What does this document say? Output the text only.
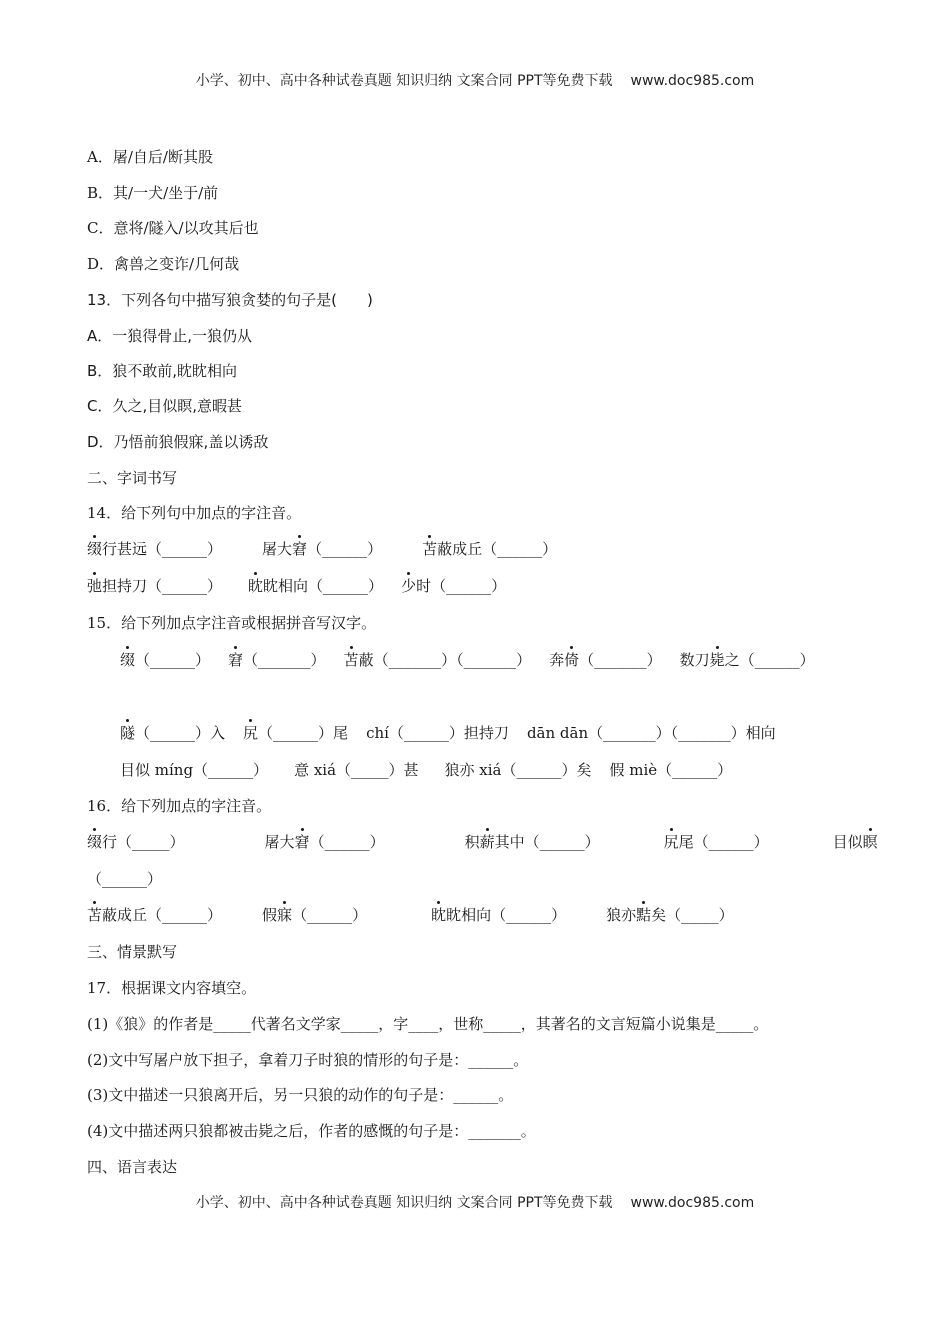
小学、初中、高中各种试卷真题 知识归纳 文案合同 PPT等免费下载 www.doc985.com
A．屠/自后/断其股
B．其/一犬/坐于/前
C．意将/隧入/以攻其后也
D．禽兽之变诈/几何哉
13．下列各句中描写狼贪婪的句子是(　　)
A．一狼得骨止,一狼仍从
B．狼不敢前,眈眈相向
C．久之,目似瞑,意暇甚
D．乃悟前狼假寐,盖以诱敌
二、字词书写
14．给下列句中加点的字注音。
缀行甚远（______）	屠大窘（______）	苫蔽成丘（______）
弛担持刀（______） 眈眈相向（______） 少时（______）
15．给下列加点字注音或根据拼音写汉字。
缀（______） 窘（_______） 苫蔽（_______）（_______） 奔倚（_______） 数刀毙之（______）
隧（______）入 尻（______）尾 chí（______）担持刀 dān dān（_______）（_______）相向
目似 míng（______） 意 xiá（_____）甚 狼亦 xiá（______）矣 假 miè（______）
16．给下列加点的字注音。
缀行（_____）	屠大窘（______）	积薪其中（______）	尻尾（______）	目似瞑
（______）
苫蔽成丘（______）	假寐（______）	眈眈相向（______）	狼亦黠矣（_____）
三、情景默写
17．根据课文内容填空。
(1)《狼》的作者是_____代著名文学家_____，字____，世称_____，其著名的文言短篇小说集是_____。
(2)文中写屠户放下担子，拿着刀子时狼的情形的句子是：______。
(3)文中描述一只狼离开后，另一只狼的动作的句子是：______。
(4)文中描述两只狼都被击毙之后，作者的感慨的句子是：_______。
四、语言表达
小学、初中、高中各种试卷真题 知识归纳 文案合同 PPT等免费下载 www.doc985.com
